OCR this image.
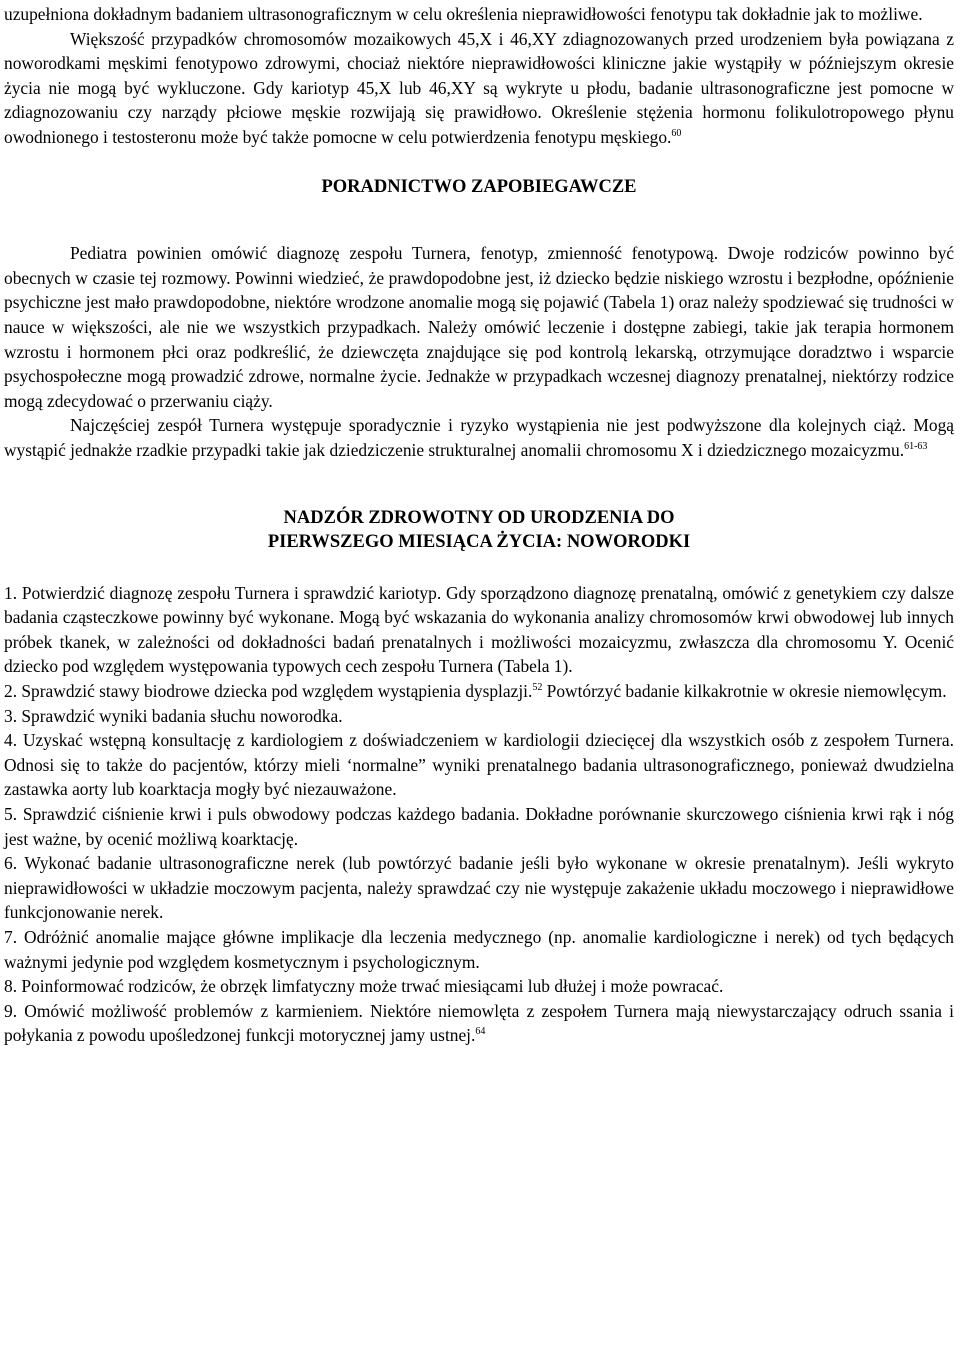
uzupełniona dokładnym badaniem ultrasonograficznym w celu określenia nieprawidłowości fenotypu tak dokładnie jak to możliwe.

Większość przypadków chromosomów mozaikowych 45,X i 46,XY zdiagnozowanych przed urodzeniem była powiązana z noworodkami męskimi fenotypowo zdrowymi, chociaż niektóre nieprawidłowości kliniczne jakie wystąpiły w późniejszym okresie życia nie mogą być wykluczone. Gdy kariotyp 45,X lub 46,XY są wykryte u płodu, badanie ultrasonograficzne jest pomocne w zdiagnozowaniu czy narządy płciowe męskie rozwijają się prawidłowo. Określenie stężenia hormonu folikulotropowego płynu owodnionego i testosteronu może być także pomocne w celu potwierdzenia fenotypu męskiego.$^{60}$

PORADNICTWO ZAPOBIEGAWCZE

Pediatra powinien omówić diagnozę zespołu Turnera, fenotyp, zmienność fenotypową. Dwoje rodziców powinno być obecnych w czasie tej rozmowy. Powinni wiedzieć, że prawdopodobne jest, iż dziecko będzie niskiego wzrostu i bezpłodne, opóźnienie psychiczne jest mało prawdopodobne, niektóre wrodzone anomalie mogą się pojawić (Tabela 1) oraz należy spodziewać się trudności w nauce w większości, ale nie we wszystkich przypadkach. Należy omówić leczenie i dostępne zabiegi, takie jak terapia hormonem wzrostu i hormonem płci oraz podkreślić, że dziewczęta znajdujące się pod kontrolą lekarską, otrzymujące doradztwo i wsparcie psychospołeczne mogą prowadzić zdrowe, normalne życie. Jednakże w przypadkach wczesnej diagnozy prenatalnej, niektórzy rodzice mogą zdecydować o przerwaniu ciąży.

Najczęściej zespół Turnera występuje sporadycznie i ryzyko wystąpienia nie jest podwyższone dla kolejnych ciąż. Mogą wystąpić jednakże rzadkie przypadki takie jak dziedziczenie strukturalnej anomalii chromosomu X i dziedzicznego mozaicyzmu.$^{61-63}$

NADZÓR ZDROWOTNY OD URODZENIA DO
PIERWSZEGO MIESIĄCA ŻYCIA: NOWORODKI

1. Potwierdzić diagnozę zespołu Turnera i sprawdzić kariotyp. Gdy sporządzono diagnozę prenatalną, omówić z genetykiem czy dalsze badania cząsteczkowe powinny być wykonane. Mogą być wskazania do wykonania analizy chromosomów krwi obwodowej lub innych próbek tkanek, w zależności od dokładności badań prenatalnych i możliwości mozaicyzmu, zwłaszcza dla chromosomu Y. Ocenić dziecko pod względem występowania typowych cech zespołu Turnera (Tabela 1).

2. Sprawdzić stawy biodrowe dziecka pod względem wystąpienia dysplazji.$^{52}$ Powtórzyć badanie kilkakrotnie w okresie niemowlęcym.

3. Sprawdzić wyniki badania słuchu noworodka.

4. Uzyskać wstępną konsultację z kardiologiem z doświadczeniem w kardiologii dziecięcej dla wszystkich osób z zespołem Turnera. Odnosi się to także do pacjentów, którzy mieli ‘normalne” wyniki prenatalnego badania ultrasonograficznego, ponieważ dwudzielna zastawka aorty lub koarktacja mogły być niezauważone.

5. Sprawdzić ciśnienie krwi i puls obwodowy podczas każdego badania. Dokładne porównanie skurczowego ciśnienia krwi rąk i nóg jest ważne, by ocenić możliwą koarktację.

6. Wykonać badanie ultrasonograficzne nerek (lub powtórzyć badanie jeśli było wykonane w okresie prenatalnym). Jeśli wykryto nieprawidłowości w układzie moczowym pacjenta, należy sprawdzać czy nie występuje zakażenie układu moczowego i nieprawidłowe funkcjonowanie nerek.

7. Odróżnić anomalie mające główne implikacje dla leczenia medycznego (np. anomalie kardiologiczne i nerek) od tych będących ważnymi jedynie pod względem kosmetycznym i psychologicznym.

8. Poinformować rodziców, że obrzęk limfatyczny może trwać miesiącami lub dłużej i może powracać.

9. Omówić możliwość problemów z karmieniem. Niektóre niemowlęta z zespołem Turnera mają niewystarczający odruch ssania i połykania z powodu upośledzonej funkcji motorycznej jamy ustnej.$^{64}$
